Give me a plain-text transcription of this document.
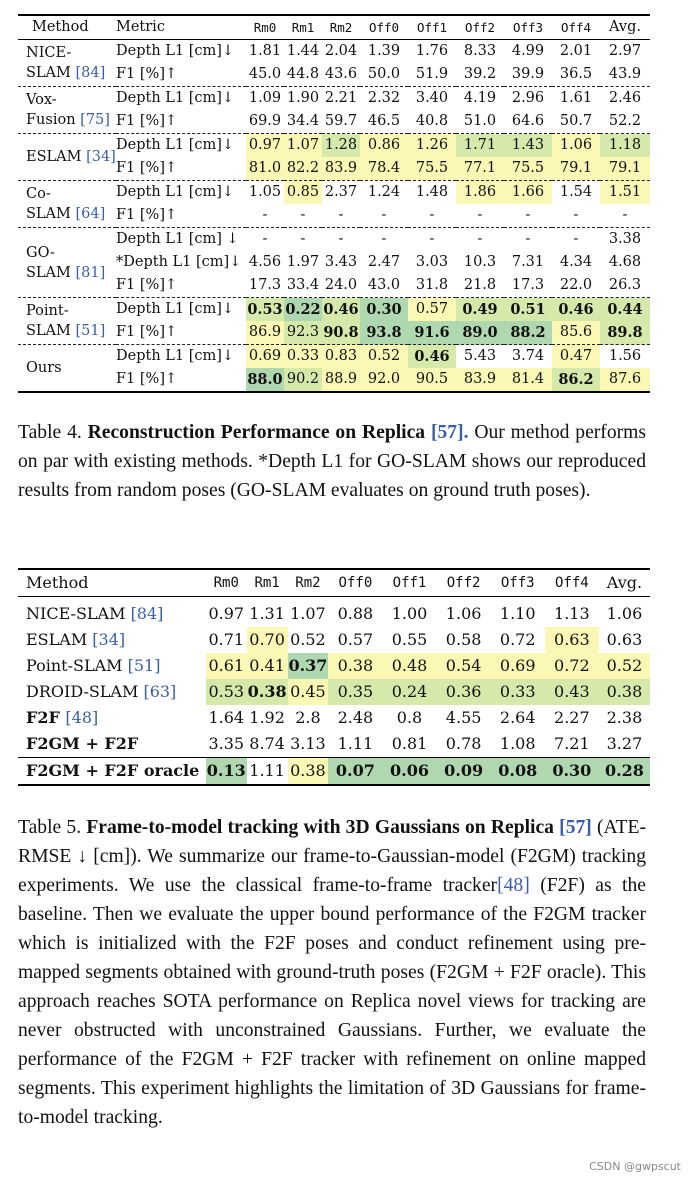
Method	Metric	Rm0	Rm1	Rm2	Off0	Off1	Off2	Off3	Off4	Avg.
NICE-
SLAM [84]	Depth L1 [cm]↓	1.81	1.44	2.04	1.39	1.76	8.33	4.99	2.01	2.97
	F1 [%]↑	45.0	44.8	43.6	50.0	51.9	39.2	39.9	36.5	43.9
Vox-
Fusion [75]	Depth L1 [cm]↓	1.09	1.90	2.21	2.32	3.40	4.19	2.96	1.61	2.46
	F1 [%]↑	69.9	34.4	59.7	46.5	40.8	51.0	64.6	50.7	52.2
ESLAM [34]	Depth L1 [cm]↓	0.97	1.07	1.28	0.86	1.26	1.71	1.43	1.06	1.18
	F1 [%]↑	81.0	82.2	83.9	78.4	75.5	77.1	75.5	79.1	79.1
Co-
SLAM [64]	Depth L1 [cm]↓	1.05	0.85	2.37	1.24	1.48	1.86	1.66	1.54	1.51
	F1 [%]↑	-	-	-	-	-	-	-	-	-
GO-
SLAM [81]	Depth L1 [cm] ↓	-	-	-	-	-	-	-	-	3.38
	*Depth L1 [cm]↓	4.56	1.97	3.43	2.47	3.03	10.3	7.31	4.34	4.68
	F1 [%]↑	17.3	33.4	24.0	43.0	31.8	21.8	17.3	22.0	26.3
Point-
SLAM [51]	Depth L1 [cm]↓	0.53	0.22	0.46	0.30	0.57	0.49	0.51	0.46	0.44
	F1 [%]↑	86.9	92.3	90.8	93.8	91.6	89.0	88.2	85.6	89.8
Ours	Depth L1 [cm]↓	0.69	0.33	0.83	0.52	0.46	5.43	3.74	0.47	1.56
	F1 [%]↑	88.0	90.2	88.9	92.0	90.5	83.9	81.4	86.2	87.6
Table 4. Reconstruction Performance on Replica [57]. Our method performs on par with existing methods. *Depth L1 for GO-SLAM shows our reproduced results from random poses (GO-SLAM evaluates on ground truth poses).
Method	Rm0	Rm1	Rm2	Off0	Off1	Off2	Off3	Off4	Avg.
NICE-SLAM [84]	0.97	1.31	1.07	0.88	1.00	1.06	1.10	1.13	1.06
ESLAM [34]	0.71	0.70	0.52	0.57	0.55	0.58	0.72	0.63	0.63
Point-SLAM [51]	0.61	0.41	0.37	0.38	0.48	0.54	0.69	0.72	0.52
DROID-SLAM [63]	0.53	0.38	0.45	0.35	0.24	0.36	0.33	0.43	0.38
F2F [48]	1.64	1.92	2.8	2.48	0.8	4.55	2.64	2.27	2.38
F2GM + F2F	3.35	8.74	3.13	1.11	0.81	0.78	1.08	7.21	3.27
F2GM + F2F oracle	0.13	1.11	0.38	0.07	0.06	0.09	0.08	0.30	0.28
Table 5. Frame-to-model tracking with 3D Gaussians on Replica [57] (ATE-RMSE ↓ [cm]). We summarize our frame-to-Gaussian-model (F2GM) tracking experiments. We use the classical frame-to-frame tracker[48] (F2F) as the baseline. Then we evaluate the upper bound performance of the F2GM tracker which is initialized with the F2F poses and conduct refinement using pre-mapped segments obtained with ground-truth poses (F2GM + F2F oracle). This approach reaches SOTA performance on Replica novel views for tracking are never obstructed with unconstrained Gaussians. Further, we evaluate the performance of the F2GM + F2F tracker with refinement on online mapped segments. This experiment highlights the limitation of 3D Gaussians for frame-to-model tracking.
CSDN @gwpscut
